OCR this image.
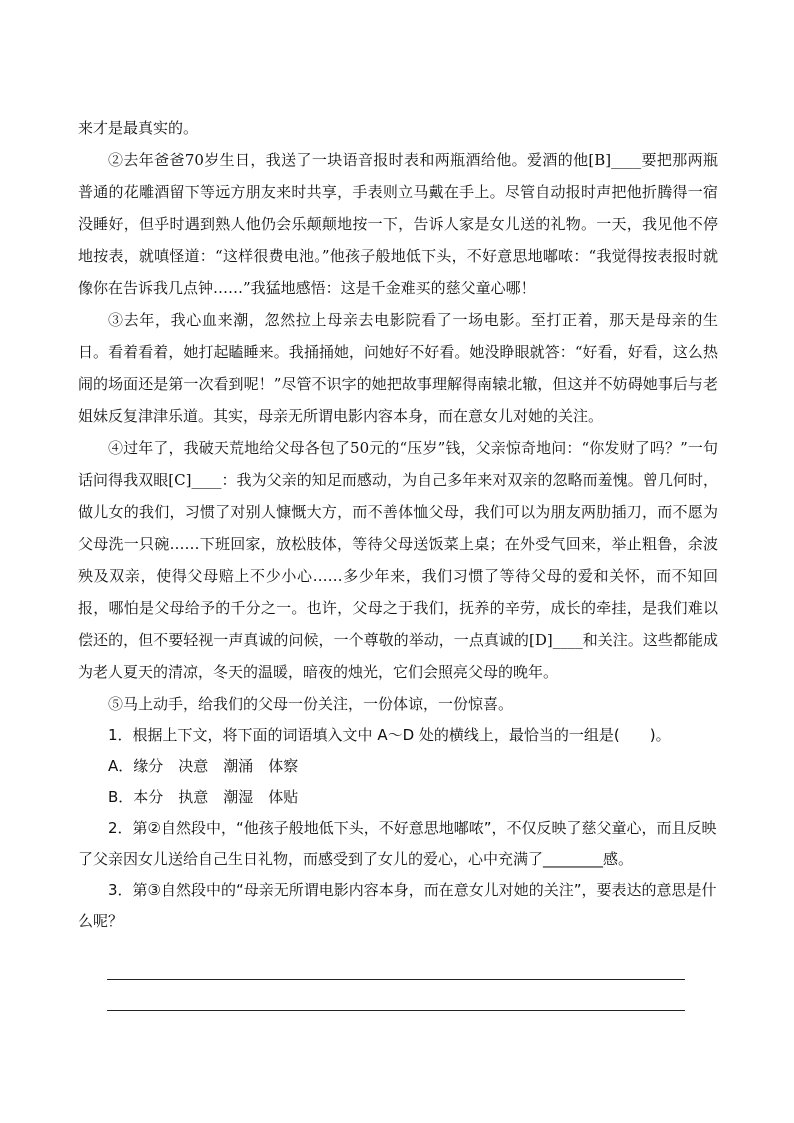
来才是最真实的。

②去年爸爸70岁生日，我送了一块语音报时表和两瓶酒给他。爱酒的他[B]____要把那两瓶普通的花雕酒留下等远方朋友来时共享，手表则立马戴在手上。尽管自动报时声把他折腾得一宿没睡好，但乎时遇到熟人他仍会乐颠颠地按一下，告诉人家是女儿送的礼物。一天，我见他不停地按表，就嗔怪道：“这样很费电池。”他孩子般地低下头，不好意思地嘟哝：“我觉得按表报时就像你在告诉我几点钟……”我猛地感悟：这是千金难买的慈父童心哪！

③去年，我心血来潮，忽然拉上母亲去电影院看了一场电影。至打正着，那天是母亲的生日。看着看着，她打起瞌睡来。我捅捅她，问她好不好看。她没睁眼就答：“好看，好看，这么热闹的场面还是第一次看到呢！”尽管不识字的她把故事理解得南辕北辙，但这并不妨碍她事后与老姐妹反复津津乐道。其实，母亲无所谓电影内容本身，而在意女儿对她的关注。

④过年了，我破天荒地给父母各包了50元的“压岁”钱，父亲惊奇地问：“你发财了吗？”一句话问得我双眼[C]____：我为父亲的知足而感动，为自己多年来对双亲的忽略而羞愧。曾几何时，做儿女的我们，习惯了对别人慷慨大方，而不善体恤父母，我们可以为朋友两肋插刀，而不愿为父母洗一只碗……下班回家，放松肢体，等待父母送饭菜上桌；在外受气回来，举止粗鲁，余波殃及双亲，使得父母赔上不少小心……多少年来，我们习惯了等待父母的爱和关怀，而不知回报，哪怕是父母给予的千分之一。也许，父母之于我们，抚养的辛劳，成长的牵挂，是我们难以偿还的，但不要轻视一声真诚的问候，一个尊敬的举动，一点真诚的[D]____和关注。这些都能成为老人夏天的清凉，冬天的温暖，暗夜的烛光，它们会照亮父母的晚年。

⑤马上动手，给我们的父母一份关注，一份体谅，一份惊喜。

1．根据上下文，将下面的词语填入文中 A～D 处的横线上，最恰当的一组是(　　)。

A．缘分　决意　潮涌　体察

B．本分　执意　潮湿　体贴

2．第②自然段中，“他孩子般地低下头，不好意思地嘟哝”，不仅反映了慈父童心，而且反映了父亲因女儿送给自己生日礼物，而感受到了女儿的爱心，心中充满了________感。

3．第③自然段中的“母亲无所谓电影内容本身，而在意女儿对她的关注”，要表达的意思是什么呢？
